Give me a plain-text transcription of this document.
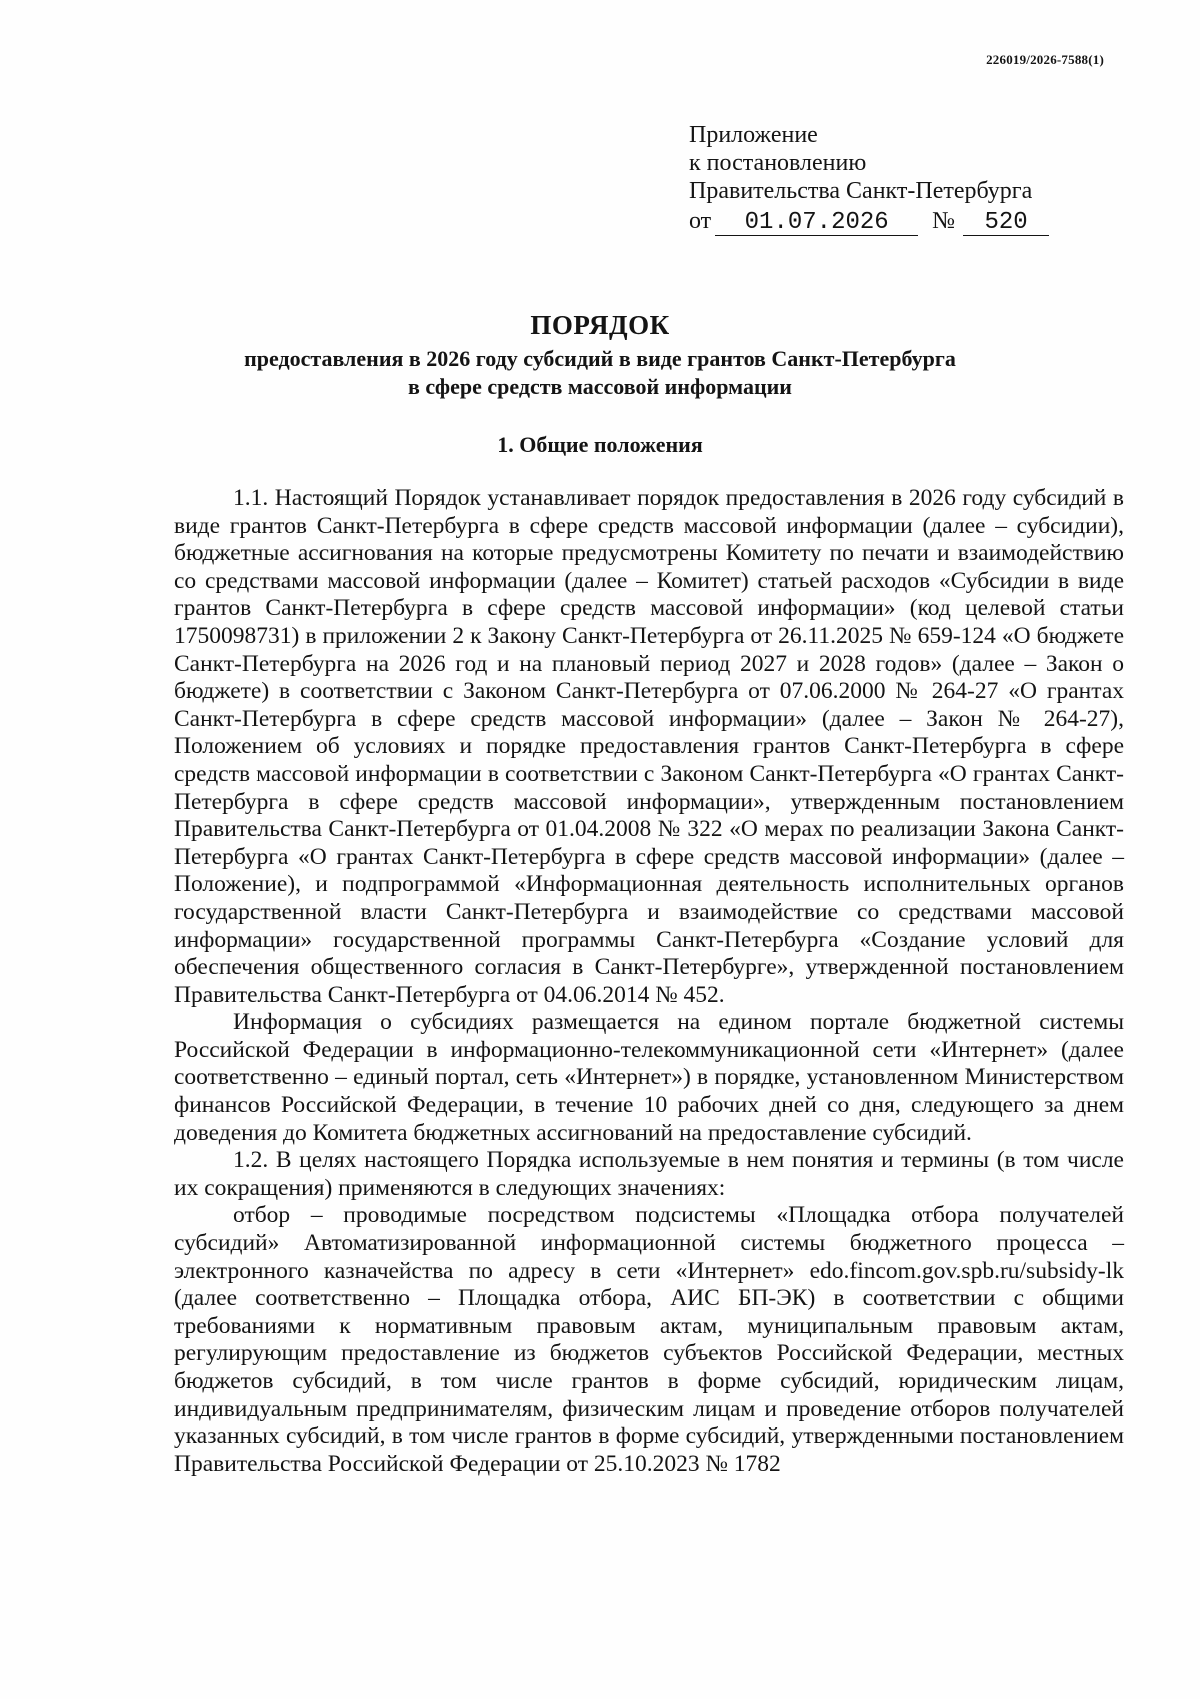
226019/2026-7588(1)
Приложение
к постановлению
Правительства Санкт-Петербурга
от	01.07.2026	№	520
ПОРЯДОК
предоставления в 2026 году субсидий в виде грантов Санкт-Петербурга
в сфере средств массовой информации
1. Общие положения

1.1. Настоящий Порядок устанавливает порядок предоставления в 2026 году субсидий в виде грантов Санкт-Петербурга в сфере средств массовой информации (далее – субсидии), бюджетные ассигнования на которые предусмотрены Комитету по печати и взаимодействию со средствами массовой информации (далее – Комитет) статьей расходов «Субсидии в виде грантов Санкт-Петербурга в сфере средств массовой информации» (код целевой статьи 1750098731) в приложении 2 к Закону Санкт-Петербурга от 26.11.2025 № 659-124 «О бюджете Санкт-Петербурга на 2026 год и на плановый период 2027 и 2028 годов» (далее – Закон о бюджете) в соответствии с Законом Санкт-Петербурга от 07.06.2000 № 264-27 «О грантах Санкт-Петербурга в сфере средств массовой информации» (далее – Закон № 264-27), Положением об условиях и порядке предоставления грантов Санкт-Петербурга в сфере средств массовой информации в соответствии с Законом Санкт-Петербурга «О грантах Санкт-Петербурга в сфере средств массовой информации», утвержденным постановлением Правительства Санкт-Петербурга от 01.04.2008 № 322 «О мерах по реализации Закона Санкт-Петербурга «О грантах Санкт-Петербурга в сфере средств массовой информации» (далее – Положение), и подпрограммой «Информационная деятельность исполнительных органов государственной власти Санкт-Петербурга и взаимодействие со средствами массовой информации» государственной программы Санкт-Петербурга «Создание условий для обеспечения общественного согласия в Санкт-Петербурге», утвержденной постановлением Правительства Санкт-Петербурга от 04.06.2014 № 452.

Информация о субсидиях размещается на едином портале бюджетной системы Российской Федерации в информационно-телекоммуникационной сети «Интернет» (далее соответственно – единый портал, сеть «Интернет») в порядке, установленном Министерством финансов Российской Федерации, в течение 10 рабочих дней со дня, следующего за днем доведения до Комитета бюджетных ассигнований на предоставление субсидий.

1.2. В целях настоящего Порядка используемые в нем понятия и термины (в том числе их сокращения) применяются в следующих значениях:

отбор – проводимые посредством подсистемы «Площадка отбора получателей субсидий» Автоматизированной информационной системы бюджетного процесса – электронного казначейства по адресу в сети «Интернет» edo.fincom.gov.spb.ru/subsidy-lk (далее соответственно – Площадка отбора, АИС БП-ЭК) в соответствии с общими требованиями к нормативным правовым актам, муниципальным правовым актам, регулирующим предоставление из бюджетов субъектов Российской Федерации, местных бюджетов субсидий, в том числе грантов в форме субсидий, юридическим лицам, индивидуальным предпринимателям, физическим лицам и проведение отборов получателей указанных субсидий, в том числе грантов в форме субсидий, утвержденными постановлением Правительства Российской Федерации от 25.10.2023 № 1782
